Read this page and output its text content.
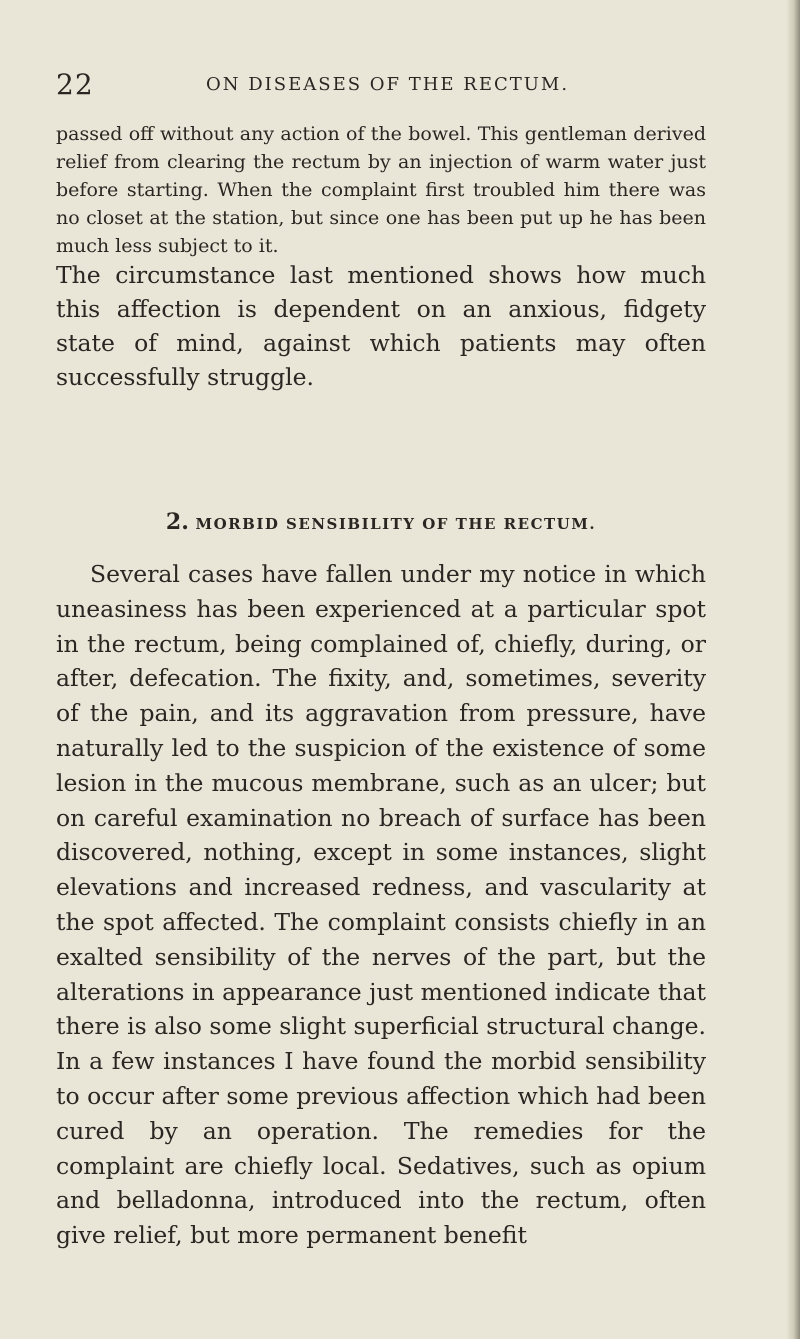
22	ON DISEASES OF THE RECTUM.

passed off without any action of the bowel. This gentleman derived relief from clearing the rectum by an injection of warm water just before starting. When the complaint first troubled him there was no closet at the station, but since one has been put up he has been much less subject to it.

The circumstance last mentioned shows how much this affection is dependent on an anxious, fidgety state of mind, against which patients may often successfully struggle.

2. MORBID SENSIBILITY OF THE RECTUM.

Several cases have fallen under my notice in which uneasiness has been experienced at a particular spot in the rectum, being complained of, chiefly, during, or after, defecation. The fixity, and, sometimes, severity of the pain, and its aggravation from pressure, have naturally led to the suspicion of the existence of some lesion in the mucous membrane, such as an ulcer; but on careful examination no breach of surface has been discovered, nothing, except in some instances, slight elevations and increased redness, and vascularity at the spot affected. The complaint consists chiefly in an exalted sensibility of the nerves of the part, but the alterations in appearance just mentioned indicate that there is also some slight superficial structural change. In a few instances I have found the morbid sensibility to occur after some previous affection which had been cured by an operation. The remedies for the complaint are chiefly local. Sedatives, such as opium and belladonna, introduced into the rectum, often give relief, but more permanent benefit
